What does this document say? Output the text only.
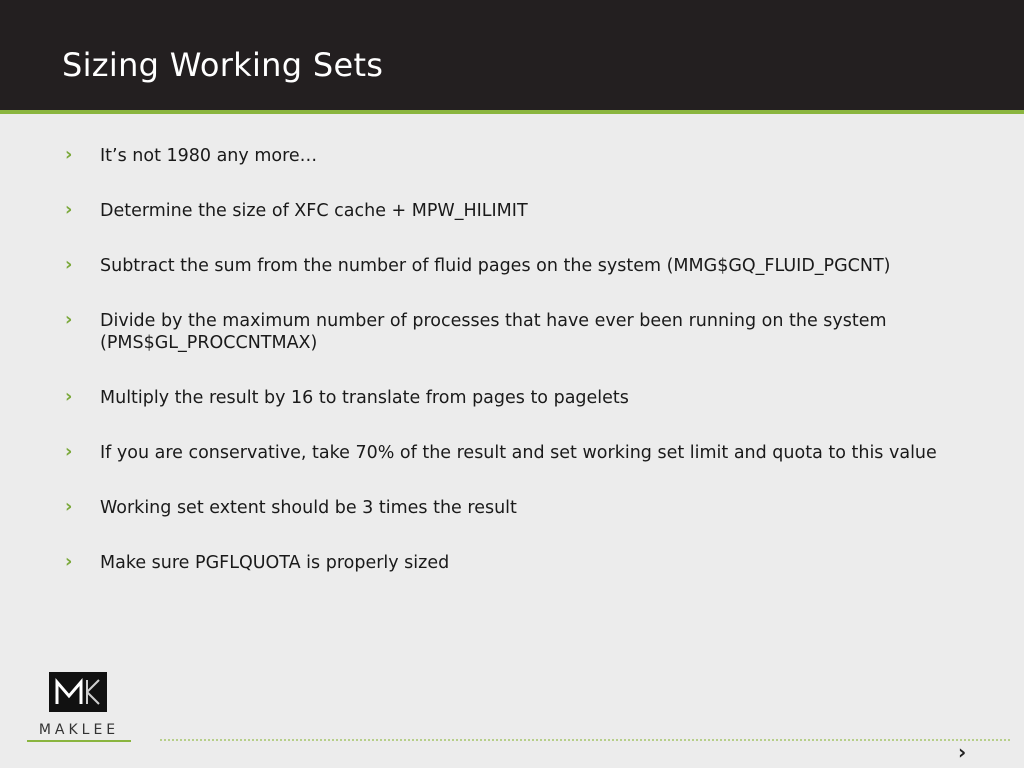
Sizing Working Sets
› It’s not 1980 any more…
› Determine the size of XFC cache + MPW_HILIMIT
› Subtract the sum from the number of fluid pages on the system (MMG$GQ_FLUID_PGCNT)
› Divide by the maximum number of processes that have ever been running on the system (PMS$GL_PROCCNTMAX)
› Multiply the result by 16 to translate from pages to pagelets
› If you are conservative, take 70% of the result and set working set limit and quota to this value
› Working set extent should be 3 times the result
› Make sure PGFLQUOTA is properly sized
MAKLEE
›
